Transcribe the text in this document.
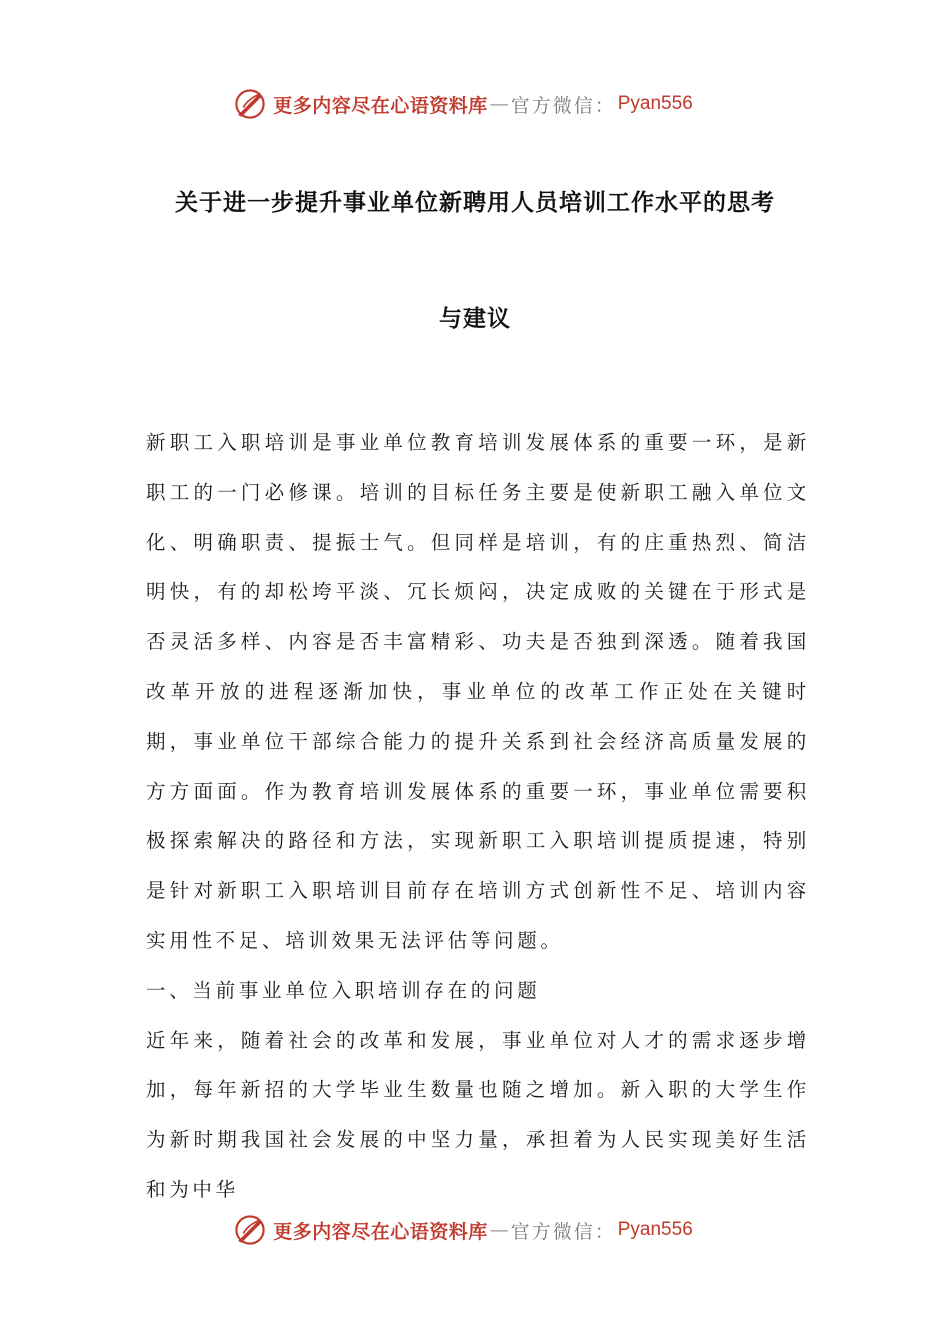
更多内容尽在心语资料库 — 官方微信： Pyan556
关于进一步提升事业单位新聘用人员培训工作水平的思考
与建议

新职工入职培训是事业单位教育培训发展体系的重要一环，是新职工的一门必修课。培训的目标任务主要是使新职工融入单位文化、明确职责、提振士气。但同样是培训，有的庄重热烈、简洁明快，有的却松垮平淡、冗长烦闷，决定成败的关键在于形式是否灵活多样、内容是否丰富精彩、功夫是否独到深透。随着我国改革开放的进程逐渐加快，事业单位的改革工作正处在关键时期，事业单位干部综合能力的提升关系到社会经济高质量发展的方方面面。作为教育培训发展体系的重要一环，事业单位需要积极探索解决的路径和方法，实现新职工入职培训提质提速，特别是针对新职工入职培训目前存在培训方式创新性不足、培训内容实用性不足、培训效果无法评估等问题。

一、当前事业单位入职培训存在的问题

近年来，随着社会的改革和发展，事业单位对人才的需求逐步增加，每年新招的大学毕业生数量也随之增加。新入职的大学生作为新时期我国社会发展的中坚力量，承担着为人民实现美好生活和为中华

更多内容尽在心语资料库 — 官方微信： Pyan556
